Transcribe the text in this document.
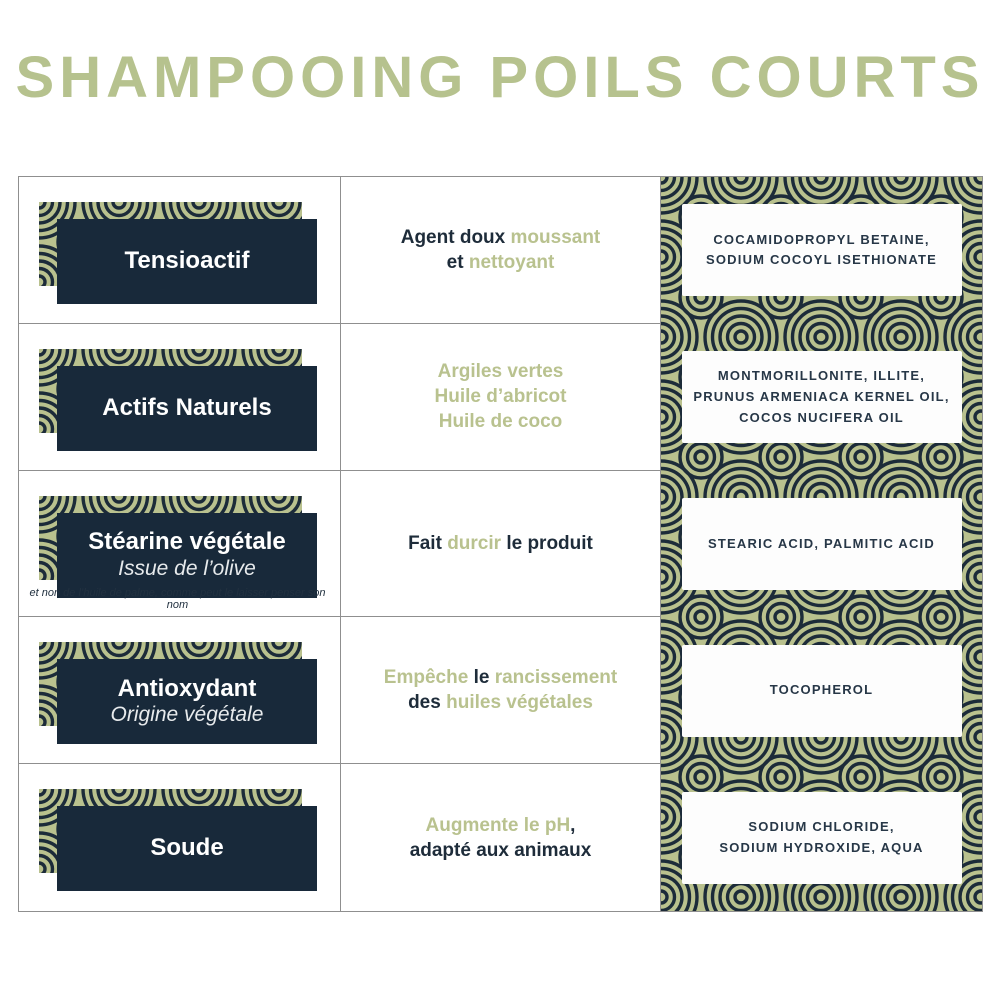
SHAMPOOING POILS COURTS
Tensioactif
Agent doux moussant
et nettoyant
Actifs Naturels
Argiles vertes
Huile d’abricot
Huile de coco
Stéarine végétale
Issue de l’olive
et non de l’huile de palme, comme peut le laisser penser son nom
Fait durcir le produit
Antioxydant
Origine végétale
Empêche le rancissement
des huiles végétales
Soude
Augmente le pH,
adapté aux animaux
COCAMIDOPROPYL BETAINE,
SODIUM COCOYL ISETHIONATE
MONTMORILLONITE, ILLITE,
PRUNUS ARMENIACA KERNEL OIL,
COCOS NUCIFERA OIL
STEARIC ACID, PALMITIC ACID
TOCOPHEROL
SODIUM CHLORIDE,
SODIUM HYDROXIDE, AQUA
